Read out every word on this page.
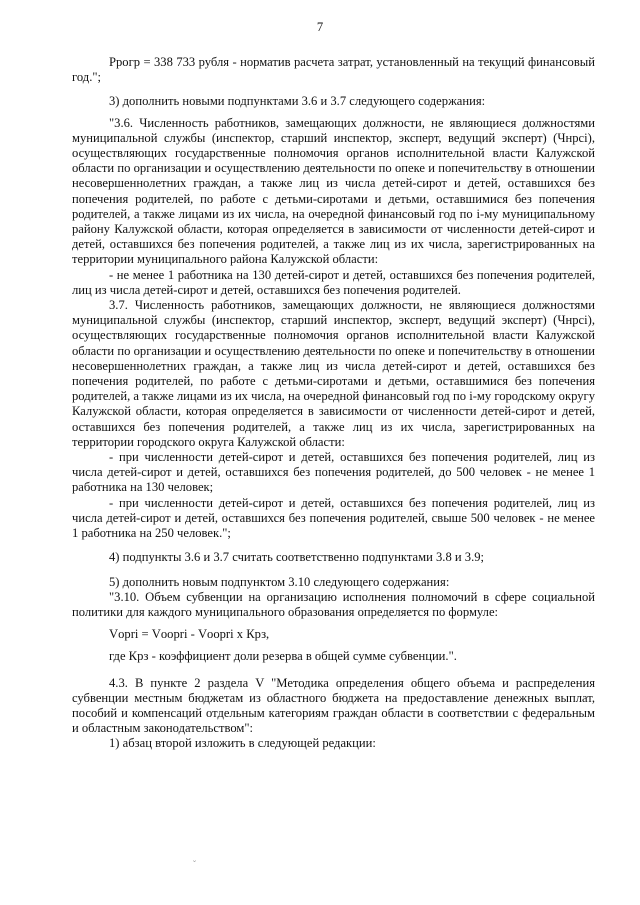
7

Ррогр = 338 733 рубля - норматив расчета затрат, установленный на текущий финансовый год.";

3) дополнить новыми подпунктами 3.6 и 3.7 следующего содержания:

"3.6. Численность работников, замещающих должности, не являющиеся должностями муниципальной службы (инспектор, старший инспектор, эксперт, ведущий эксперт) (Чнрсі), осуществляющих государственные полномочия органов исполнительной власти Калужской области по организации и осуществлению деятельности по опеке и попечительству в отношении несовершеннолетних граждан, а также лиц из числа детей-сирот и детей, оставшихся без попечения родителей, по работе с детьми-сиротами и детьми, оставшимися без попечения родителей, а также лицами из их числа, на очередной финансовый год по і-му муниципальному району Калужской области, которая определяется в зависимости от численности детей-сирот и детей, оставшихся без попечения родителей, а также лиц из их числа, зарегистрированных на территории муниципального района Калужской области:

- не менее 1 работника на 130 детей-сирот и детей, оставшихся без попечения родителей, лиц из числа детей-сирот и детей, оставшихся без попечения родителей.

3.7. Численность работников, замещающих должности, не являющиеся должностями муниципальной службы (инспектор, старший инспектор, эксперт, ведущий эксперт) (Чнрсі), осуществляющих государственные полномочия органов исполнительной власти Калужской области по организации и осуществлению деятельности по опеке и попечительству в отношении несовершеннолетних граждан, а также лиц из числа детей-сирот и детей, оставшихся без попечения родителей, по работе с детьми-сиротами и детьми, оставшимися без попечения родителей, а также лицами из их числа, на очередной финансовый год по і-му городскому округу Калужской области, которая определяется в зависимости от численности детей-сирот и детей, оставшихся без попечения родителей, а также лиц из их числа, зарегистрированных на территории городского округа Калужской области:

- при численности детей-сирот и детей, оставшихся без попечения родителей, лиц из числа детей-сирот и детей, оставшихся без попечения родителей, до 500 человек - не менее 1 работника на 130 человек;

- при численности детей-сирот и детей, оставшихся без попечения родителей, лиц из числа детей-сирот и детей, оставшихся без попечения родителей, свыше 500 человек - не менее 1 работника на 250 человек.";

4) подпункты 3.6 и 3.7 считать соответственно подпунктами 3.8 и 3.9;

5) дополнить новым подпунктом 3.10 следующего содержания:

"3.10. Объем субвенции на организацию исполнения полномочий в сфере социальной политики для каждого муниципального образования определяется по формуле:

Vорrі = Vоорrі - Vоорrі х Крз,

где Крз - коэффициент доли резерва в общей сумме субвенции.".

4.3. В пункте 2 раздела V "Методика определения общего объема и распределения субвенции местным бюджетам из областного бюджета на предоставление денежных выплат, пособий и компенсаций отдельным категориям граждан области в соответствии с федеральным и областным законодательством":

1) абзац второй изложить в следующей редакции:

˘
